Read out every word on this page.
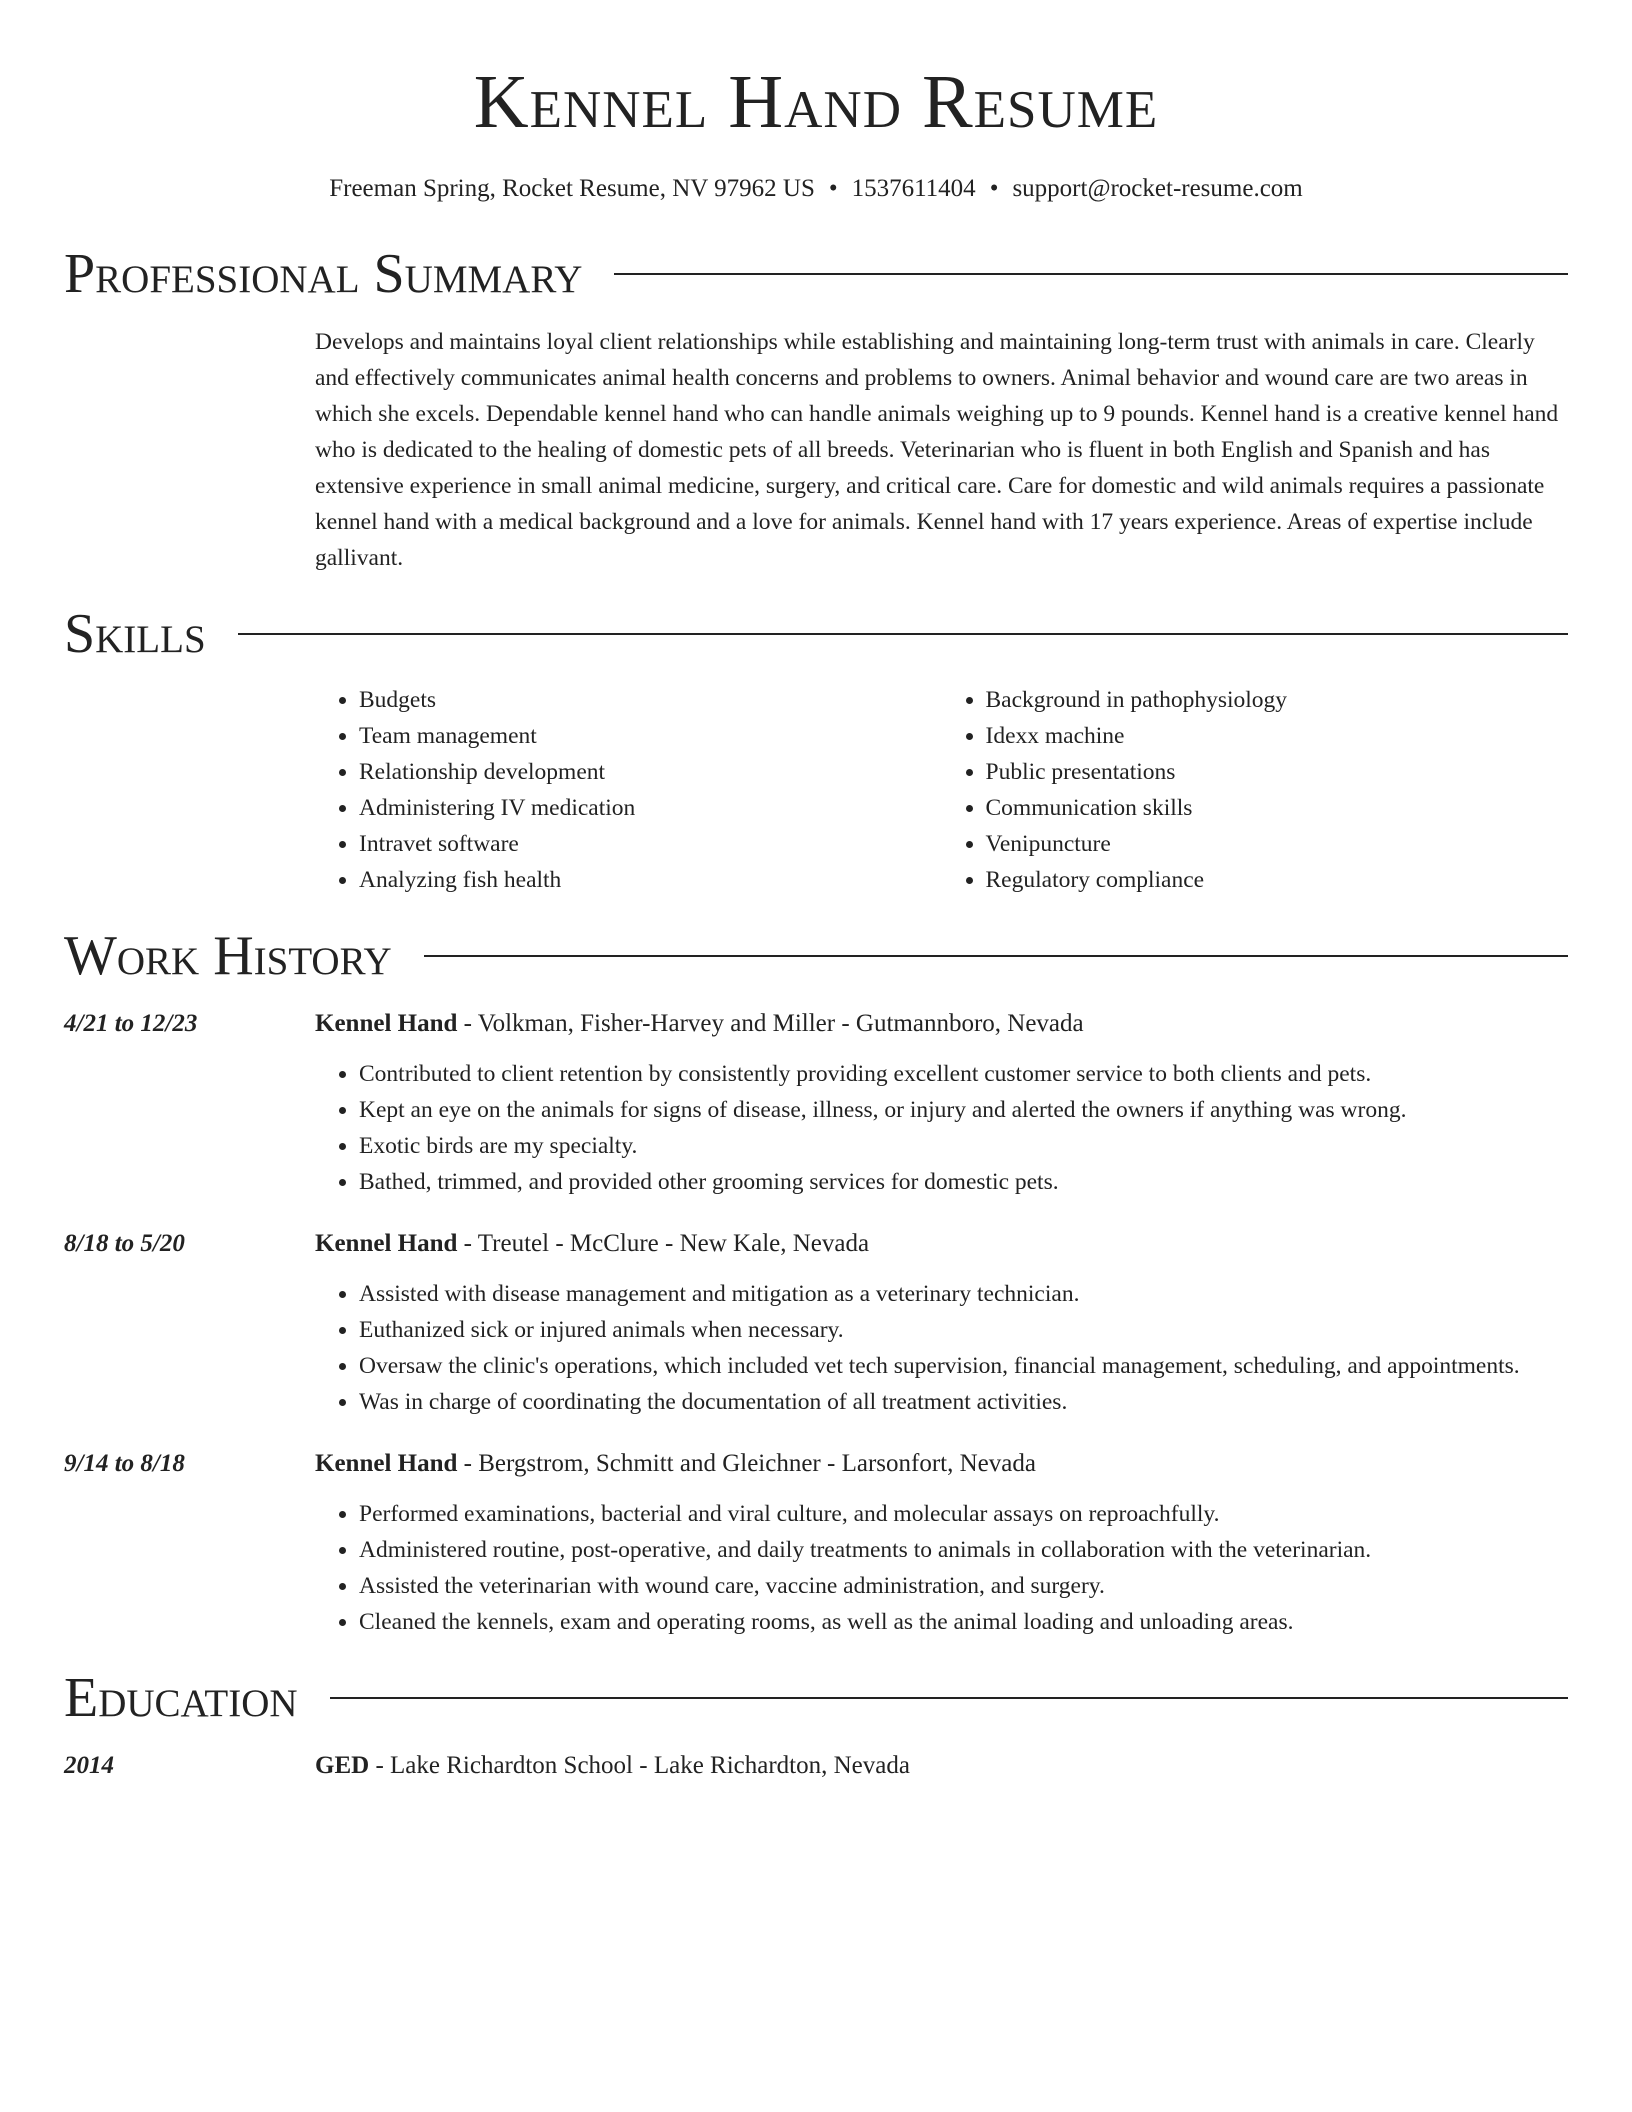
Kennel Hand Resume
Freeman Spring, Rocket Resume, NV 97962 US • 1537611404 • support@rocket-resume.com
Professional Summary
Develops and maintains loyal client relationships while establishing and maintaining long-term trust with animals in care. Clearly and effectively communicates animal health concerns and problems to owners. Animal behavior and wound care are two areas in which she excels. Dependable kennel hand who can handle animals weighing up to 9 pounds. Kennel hand is a creative kennel hand who is dedicated to the healing of domestic pets of all breeds. Veterinarian who is fluent in both English and Spanish and has extensive experience in small animal medicine, surgery, and critical care. Care for domestic and wild animals requires a passionate kennel hand with a medical background and a love for animals. Kennel hand with 17 years experience. Areas of expertise include gallivant.
Skills
• Budgets
• Team management
• Relationship development
• Administering IV medication
• Intravet software
• Analyzing fish health
• Background in pathophysiology
• Idexx machine
• Public presentations
• Communication skills
• Venipuncture
• Regulatory compliance
Work History
4/21 to 12/23	Kennel Hand - Volkman, Fisher-Harvey and Miller - Gutmannboro, Nevada
• Contributed to client retention by consistently providing excellent customer service to both clients and pets.
• Kept an eye on the animals for signs of disease, illness, or injury and alerted the owners if anything was wrong.
• Exotic birds are my specialty.
• Bathed, trimmed, and provided other grooming services for domestic pets.
8/18 to 5/20	Kennel Hand - Treutel - McClure - New Kale, Nevada
• Assisted with disease management and mitigation as a veterinary technician.
• Euthanized sick or injured animals when necessary.
• Oversaw the clinic's operations, which included vet tech supervision, financial management, scheduling, and appointments.
• Was in charge of coordinating the documentation of all treatment activities.
9/14 to 8/18	Kennel Hand - Bergstrom, Schmitt and Gleichner - Larsonfort, Nevada
• Performed examinations, bacterial and viral culture, and molecular assays on reproachfully.
• Administered routine, post-operative, and daily treatments to animals in collaboration with the veterinarian.
• Assisted the veterinarian with wound care, vaccine administration, and surgery.
• Cleaned the kennels, exam and operating rooms, as well as the animal loading and unloading areas.
Education
2014	GED - Lake Richardton School - Lake Richardton, Nevada
